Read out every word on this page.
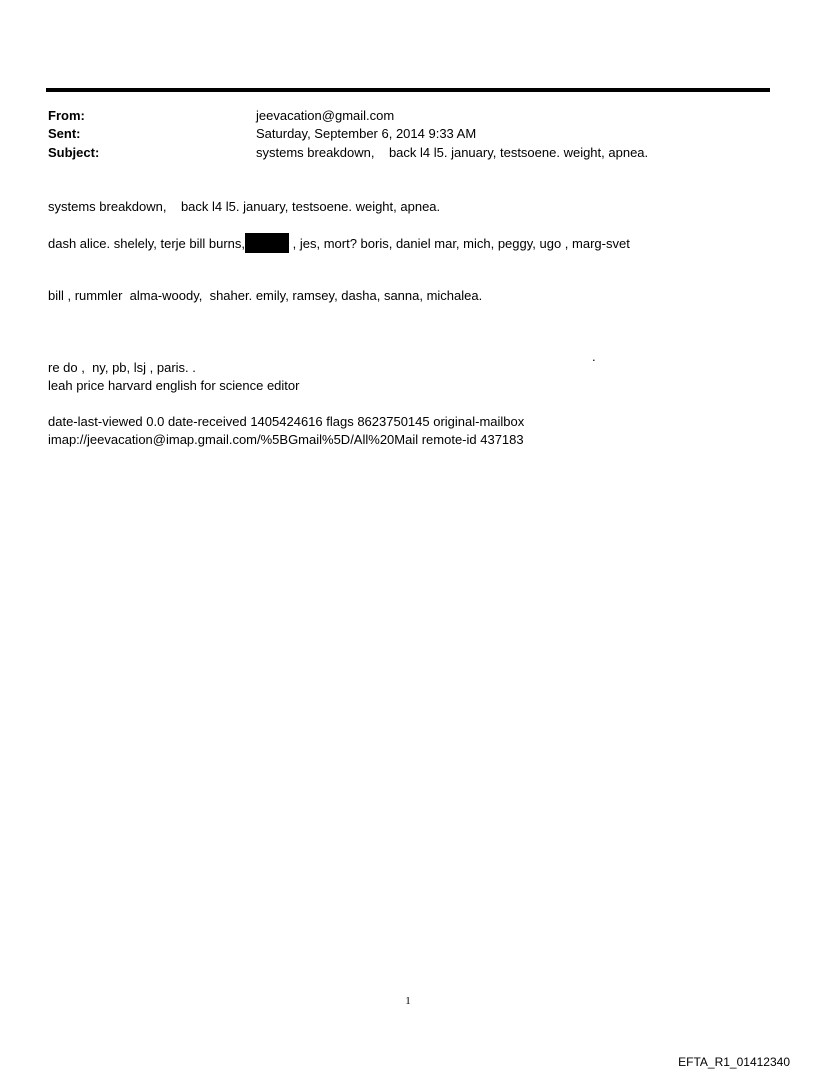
From:	jeevacation@gmail.com
Sent:	Saturday, September 6, 2014 9:33 AM
Subject:	systems breakdown,    back l4 l5. january, testsoene. weight, apnea.
systems breakdown,    back l4 l5. january, testsoene. weight, apnea.
dash alice. shelely, terje bill burns,	, jes, mort? boris, daniel mar, mich, peggy, ugo , marg-svet
bill , rummler  alma-woody,  shaher. emily, ramsey, dasha, sanna, michalea.
.
re do ,  ny, pb, lsj , paris. .
leah price harvard english for science editor
date-last-viewed 0.0 date-received 1405424616 flags 8623750145 original-mailbox
imap://jeevacation@imap.gmail.com/%5BGmail%5D/All%20Mail remote-id 437183
1
EFTA_R1_01412340
